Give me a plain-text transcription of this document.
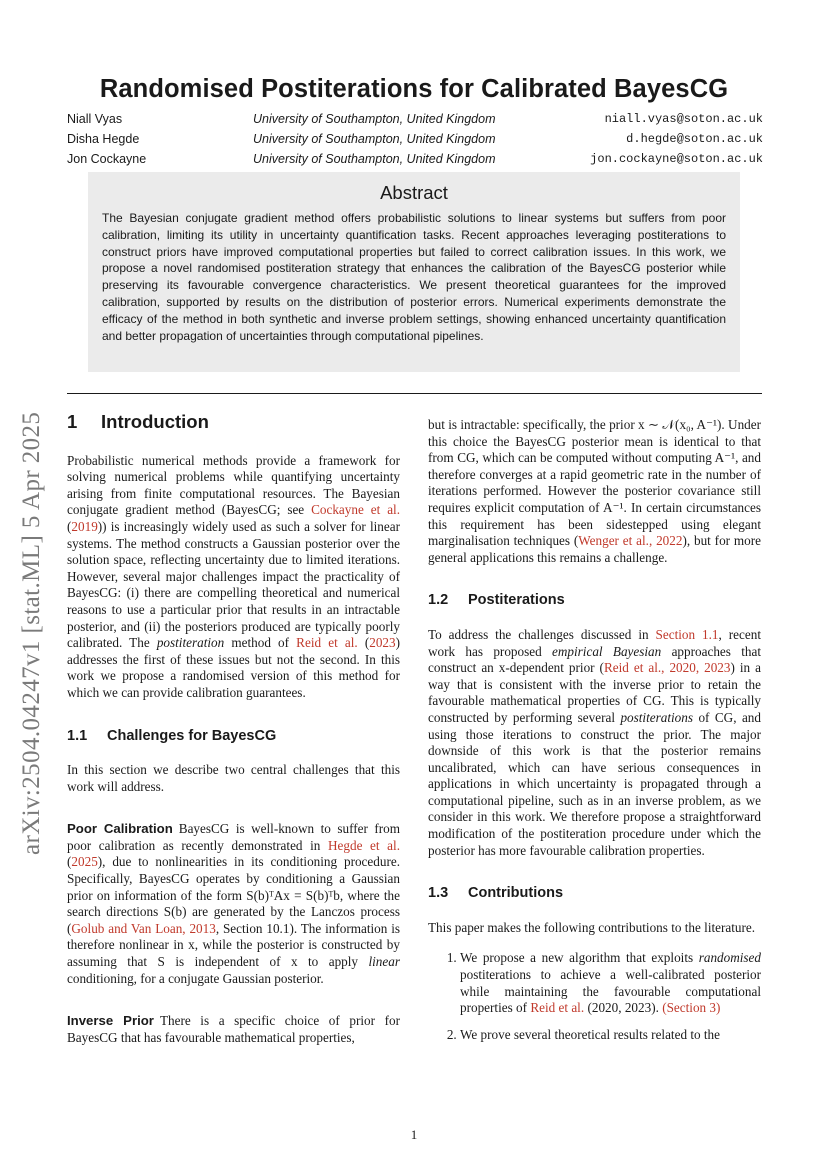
Randomised Postiterations for Calibrated BayesCG
Niall Vyas	University of Southampton, United Kingdom	niall.vyas@soton.ac.uk
Disha Hegde	University of Southampton, United Kingdom	d.hegde@soton.ac.uk
Jon Cockayne	University of Southampton, United Kingdom	jon.cockayne@soton.ac.uk
Abstract
The Bayesian conjugate gradient method offers probabilistic solutions to linear systems but suffers from poor calibration, limiting its utility in uncertainty quantification tasks. Recent approaches leveraging postiterations to construct priors have improved computational properties but failed to correct calibration issues. In this work, we propose a novel randomised postiteration strategy that enhances the calibration of the BayesCG posterior while preserving its favourable convergence characteristics. We present theoretical guarantees for the improved calibration, supported by results on the distribution of posterior errors. Numerical experiments demonstrate the efficacy of the method in both synthetic and inverse problem settings, showing enhanced uncertainty quantification and better propagation of uncertainties through computational pipelines.
arXiv:2504.04247v1 [stat.ML] 5 Apr 2025 1 Introduction

Probabilistic numerical methods provide a framework for solving numerical problems while quantifying uncertainty arising from finite computational resources. The Bayesian conjugate gradient method (BayesCG; see Cockayne et al. (2019)) is increasingly widely used as such a solver for linear systems. The method constructs a Gaussian posterior over the solution space, reflecting uncertainty due to limited iterations. However, several major challenges impact the practicality of BayesCG: (i) there are compelling theoretical and numerical reasons to use a particular prior that results in an intractable posterior, and (ii) the posteriors produced are typically poorly calibrated. The postiteration method of Reid et al. (2023) addresses the first of these issues but not the second. In this work we propose a randomised version of this method for which we can provide calibration guarantees.

1.1 Challenges for BayesCG

In this section we describe two central challenges that this work will address.

Poor Calibration BayesCG is well-known to suffer from poor calibration as recently demonstrated in Hegde et al. (2025), due to nonlinearities in its conditioning procedure. Specifically, BayesCG operates by conditioning a Gaussian prior on information of the form S(b)ᵀAx = S(b)ᵀb, where the search directions S(b) are generated by the Lanczos process (Golub and Van Loan, 2013, Section 10.1). The information is therefore nonlinear in x, while the posterior is constructed by assuming that S is independent of x to apply linear conditioning, for a conjugate Gaussian posterior.

Inverse Prior There is a specific choice of prior for BayesCG that has favourable mathematical properties,

but is intractable: specifically, the prior x ∼ 𝒩(x₀, A⁻¹). Under this choice the BayesCG posterior mean is identical to that from CG, which can be computed without computing A⁻¹, and therefore converges at a rapid geometric rate in the number of iterations performed. However the posterior covariance still requires explicit computation of A⁻¹. In certain circumstances this requirement has been sidestepped using elegant marginalisation techniques (Wenger et al., 2022), but for more general applications this remains a challenge.

1.2 Postiterations

To address the challenges discussed in Section 1.1, recent work has proposed empirical Bayesian approaches that construct an x-dependent prior (Reid et al., 2020, 2023) in a way that is consistent with the inverse prior to retain the favourable mathematical properties of CG. This is typically constructed by performing several postiterations of CG, and using those iterations to construct the prior. The major downside of this work is that the posterior remains uncalibrated, which can have serious consequences in applications in which uncertainty is propagated through a computational pipeline, such as in an inverse problem, as we consider in this work. We therefore propose a straightforward modification of the postiteration procedure under which the posterior has more favourable calibration properties.

1.3 Contributions

This paper makes the following contributions to the literature.

1. We propose a new algorithm that exploits randomised postiterations to achieve a well-calibrated posterior while maintaining the favourable computational properties of Reid et al. (2020, 2023). (Section 3)
2. We prove several theoretical results related to the
1
